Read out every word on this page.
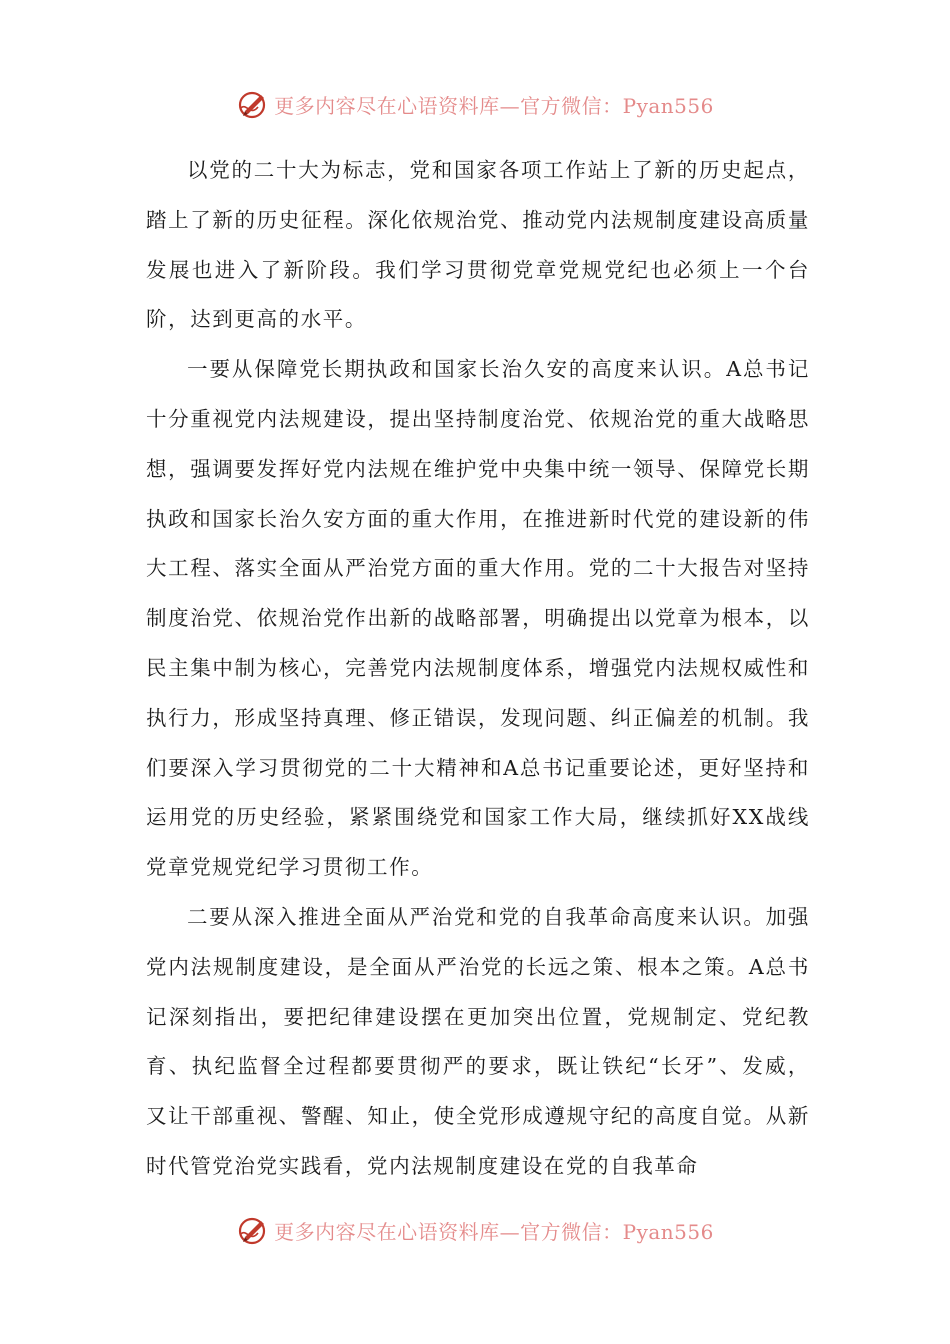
更多内容尽在心语资料库—官方微信：Pyan556

以党的二十大为标志，党和国家各项工作站上了新的历史起点，踏上了新的历史征程。深化依规治党、推动党内法规制度建设高质量发展也进入了新阶段。我们学习贯彻党章党规党纪也必须上一个台阶，达到更高的水平。

一要从保障党长期执政和国家长治久安的高度来认识。A总书记十分重视党内法规建设，提出坚持制度治党、依规治党的重大战略思想，强调要发挥好党内法规在维护党中央集中统一领导、保障党长期执政和国家长治久安方面的重大作用，在推进新时代党的建设新的伟大工程、落实全面从严治党方面的重大作用。党的二十大报告对坚持制度治党、依规治党作出新的战略部署，明确提出以党章为根本，以民主集中制为核心，完善党内法规制度体系，增强党内法规权威性和执行力，形成坚持真理、修正错误，发现问题、纠正偏差的机制。我们要深入学习贯彻党的二十大精神和A总书记重要论述，更好坚持和运用党的历史经验，紧紧围绕党和国家工作大局，继续抓好XX战线党章党规党纪学习贯彻工作。

二要从深入推进全面从严治党和党的自我革命高度来认识。加强党内法规制度建设，是全面从严治党的长远之策、根本之策。A总书记深刻指出，要把纪律建设摆在更加突出位置，党规制定、党纪教育、执纪监督全过程都要贯彻严的要求，既让铁纪“长牙”、发威，又让干部重视、警醒、知止，使全党形成遵规守纪的高度自觉。从新时代管党治党实践看，党内法规制度建设在党的自我革命

更多内容尽在心语资料库—官方微信：Pyan556
